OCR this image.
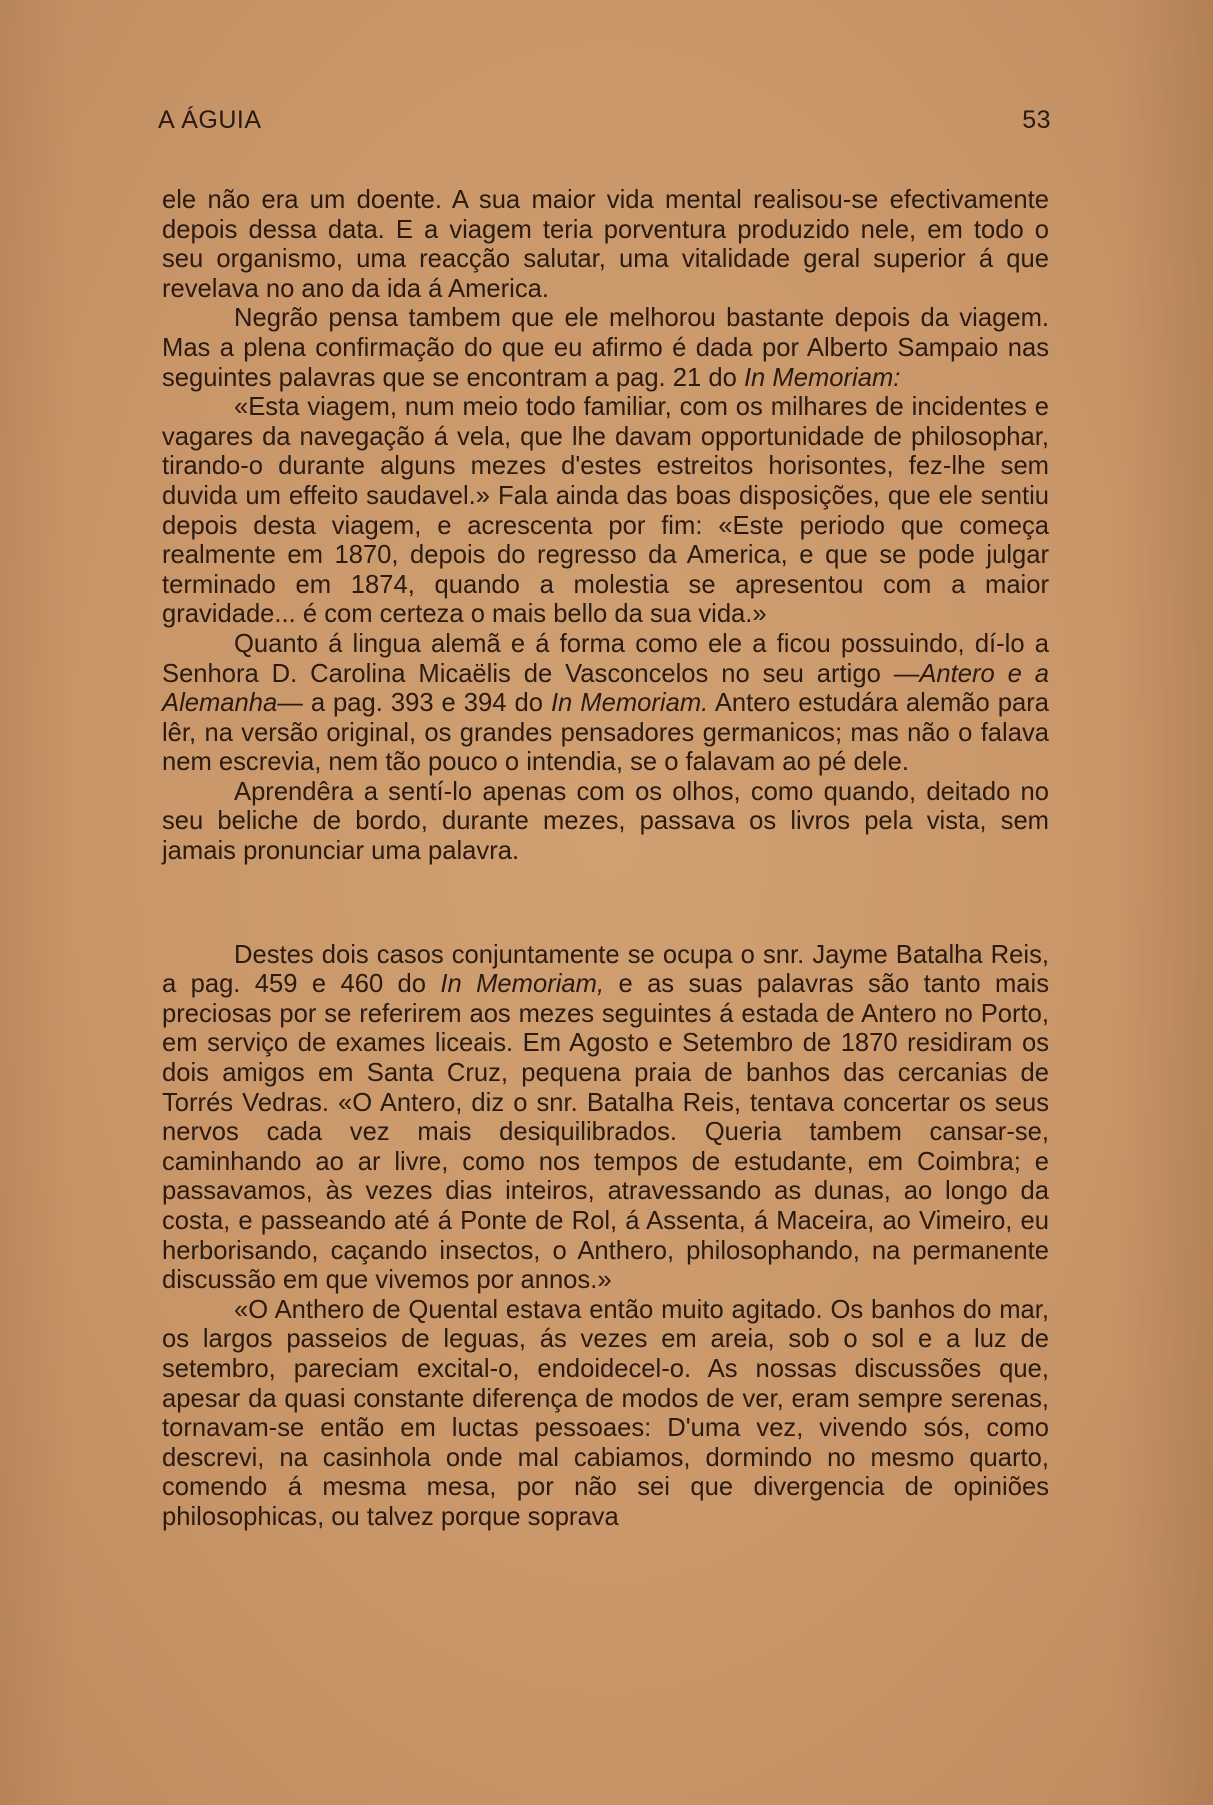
A ÁGUIA	53

ele não era um doente. A sua maior vida mental realisou-se efectivamente depois dessa data. E a viagem teria porventura produzido nele, em todo o seu organismo, uma reacção salutar, uma vitalidade geral superior á que revelava no ano da ida á America.

Negrão pensa tambem que ele melhorou bastante depois da viagem. Mas a plena confirmação do que eu afirmo é dada por Alberto Sampaio nas seguintes palavras que se encontram a pag. 21 do In Memoriam:

«Esta viagem, num meio todo familiar, com os milhares de incidentes e vagares da navegação á vela, que lhe davam opportunidade de philosophar, tirando-o durante alguns mezes d'estes estreitos horisontes, fez-lhe sem duvida um effeito saudavel.» Fala ainda das boas disposições, que ele sentiu depois desta viagem, e acrescenta por fim: «Este periodo que começa realmente em 1870, depois do regresso da America, e que se pode julgar terminado em 1874, quando a molestia se apresentou com a maior gravidade... é com certeza o mais bello da sua vida.»

Quanto á lingua alemã e á forma como ele a ficou possuindo, dí-lo a Senhora D. Carolina Micaëlis de Vasconcelos no seu artigo —Antero e a Alemanha— a pag. 393 e 394 do In Memoriam. Antero estudára alemão para lêr, na versão original, os grandes pensadores germanicos; mas não o falava nem escrevia, nem tão pouco o intendia, se o falavam ao pé dele.

Aprendêra a sentí-lo apenas com os olhos, como quando, deitado no seu beliche de bordo, durante mezes, passava os livros pela vista, sem jamais pronunciar uma palavra.

Destes dois casos conjuntamente se ocupa o snr. Jayme Batalha Reis, a pag. 459 e 460 do In Memoriam, e as suas palavras são tanto mais preciosas por se referirem aos mezes seguintes á estada de Antero no Porto, em serviço de exames liceais. Em Agosto e Setembro de 1870 residiram os dois amigos em Santa Cruz, pequena praia de banhos das cercanias de Torrés Vedras. «O Antero, diz o snr. Batalha Reis, tentava concertar os seus nervos cada vez mais desiquilibrados. Queria tambem cansar-se, caminhando ao ar livre, como nos tempos de estudante, em Coimbra; e passavamos, às vezes dias inteiros, atravessando as dunas, ao longo da costa, e passeando até á Ponte de Rol, á Assenta, á Maceira, ao Vimeiro, eu herborisando, caçando insectos, o Anthero, philosophando, na permanente discussão em que vivemos por annos.»

«O Anthero de Quental estava então muito agitado. Os banhos do mar, os largos passeios de leguas, ás vezes em areia, sob o sol e a luz de setembro, pareciam excital-o, endoidecel-o. As nossas discussões que, apesar da quasi constante diferença de modos de ver, eram sempre serenas, tornavam-se então em luctas pessoaes: D'uma vez, vivendo sós, como descrevi, na casinhola onde mal cabiamos, dormindo no mesmo quarto, comendo á mesma mesa, por não sei que divergencia de opiniões philosophicas, ou talvez porque soprava
